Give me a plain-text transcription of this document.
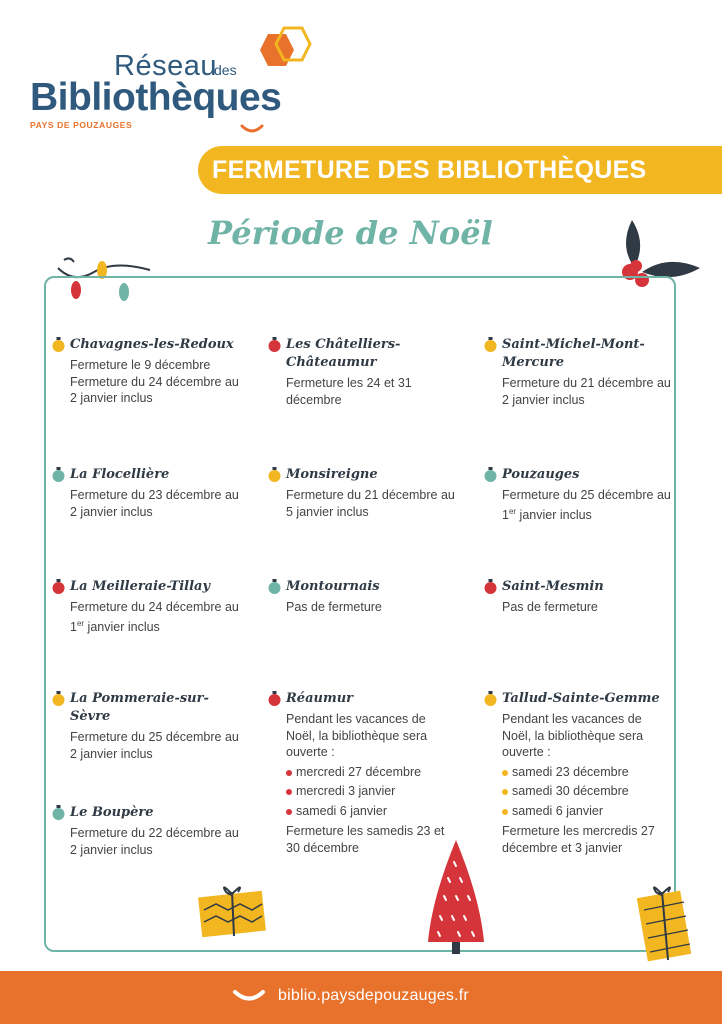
Réseau
des
Bibliothèques
PAYS DE POUZAUGES
FERMETURE DES BIBLIOTHÈQUES
Période de Noël
Chavagnes-les-Redoux
Fermeture le 9 décembre
Fermeture du 24 décembre au 2 janvier inclus
La Flocellière
Fermeture du 23 décembre au 2 janvier inclus
La Meilleraie-Tillay
Fermeture du 24 décembre au 1er janvier inclus
La Pommeraie-sur-Sèvre
Fermeture du 25 décembre au 2 janvier inclus
Le Boupère
Fermeture du 22 décembre au 2 janvier inclus
Les Châtelliers-Châteaumur
Fermeture les 24 et 31 décembre
Monsireigne
Fermeture du 21 décembre au 5 janvier inclus
Montournais
Pas de fermeture
Réaumur
Pendant les vacances de Noël, la bibliothèque sera ouverte :
mercredi 27 décembre
mercredi 3 janvier
samedi 6 janvier
Fermeture les samedis 23 et 30 décembre
Saint-Michel-Mont-Mercure
Fermeture du 21 décembre au 2 janvier inclus
Pouzauges
Fermeture du 25 décembre au 1er janvier inclus
Saint-Mesmin
Pas de fermeture
Tallud-Sainte-Gemme
Pendant les vacances de Noël, la bibliothèque sera ouverte :
samedi 23 décembre
samedi 30 décembre
samedi 6 janvier
Fermeture les mercredis 27 décembre et 3 janvier
biblio.paysdepouzauges.fr
